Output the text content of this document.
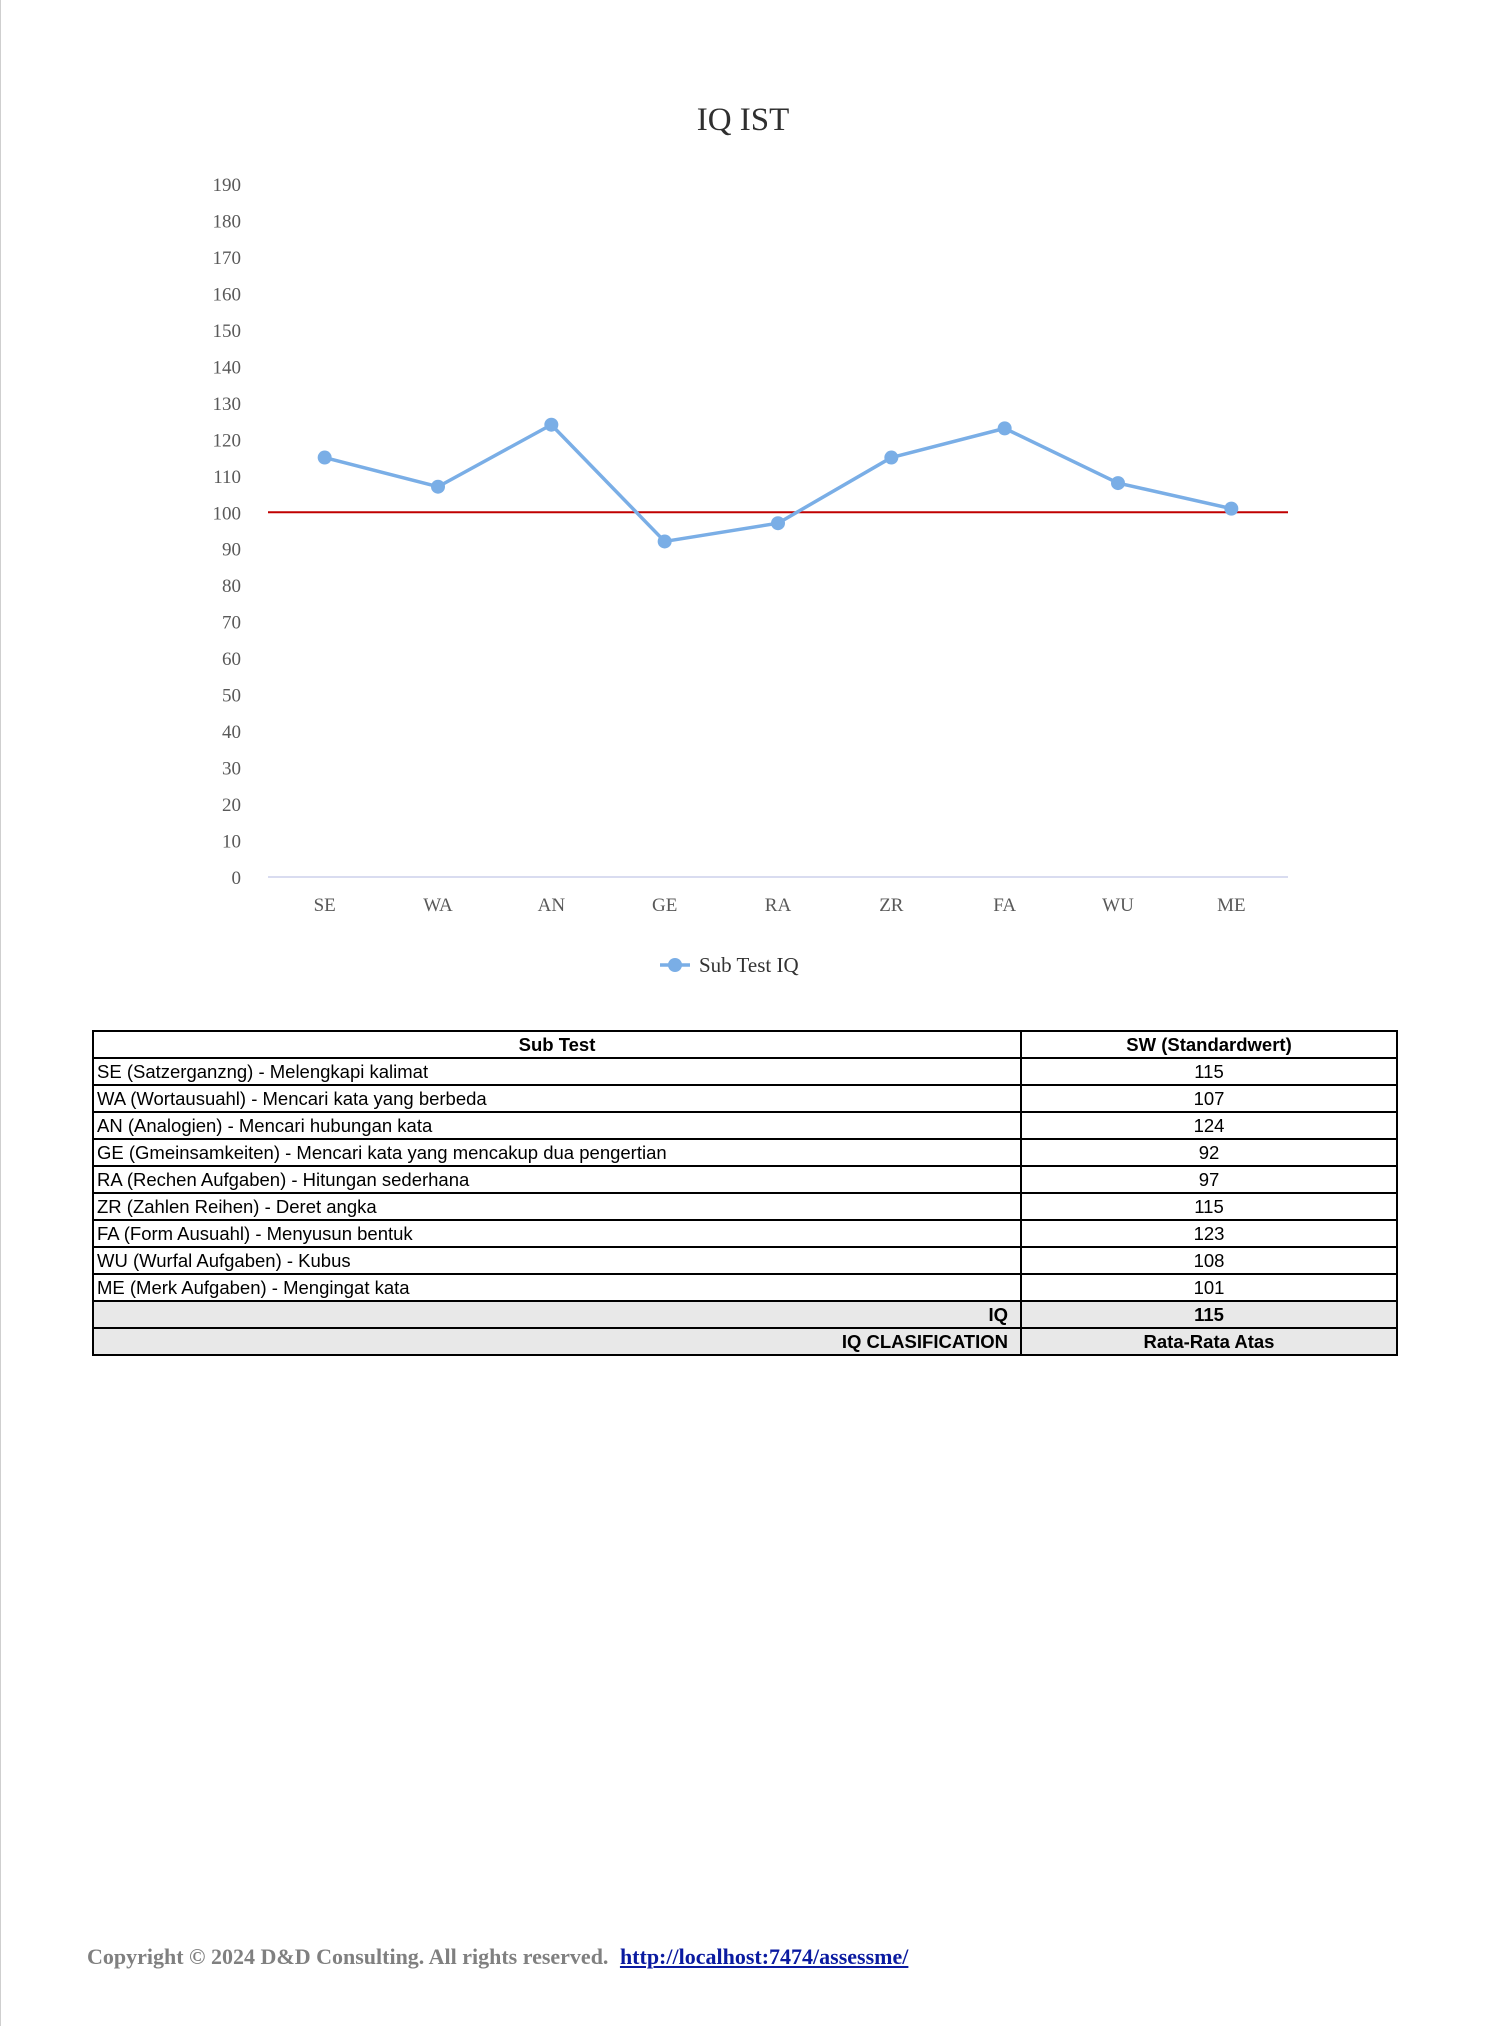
IQ IST
0
10
20
30
40
50
60
70
80
90
100
110
120
130
140
150
160
170
180
190
SE	WA	AN	GE	RA	ZR	FA	WU	ME
Sub Test IQ
Sub Test	SW (Standardwert)
SE (Satzerganzng) - Melengkapi kalimat	115
WA (Wortausuahl) - Mencari kata yang berbeda	107
AN (Analogien) - Mencari hubungan kata	124
GE (Gmeinsamkeiten) - Mencari kata yang mencakup dua pengertian	92
RA (Rechen Aufgaben) - Hitungan sederhana	97
ZR (Zahlen Reihen) - Deret angka	115
FA (Form Ausuahl) - Menyusun bentuk	123
WU (Wurfal Aufgaben) - Kubus	108
ME (Merk Aufgaben) - Mengingat kata	101
IQ	115
IQ CLASIFICATION	Rata-Rata Atas
Copyright © 2024 D&D Consulting. All rights reserved. http://localhost:7474/assessme/
